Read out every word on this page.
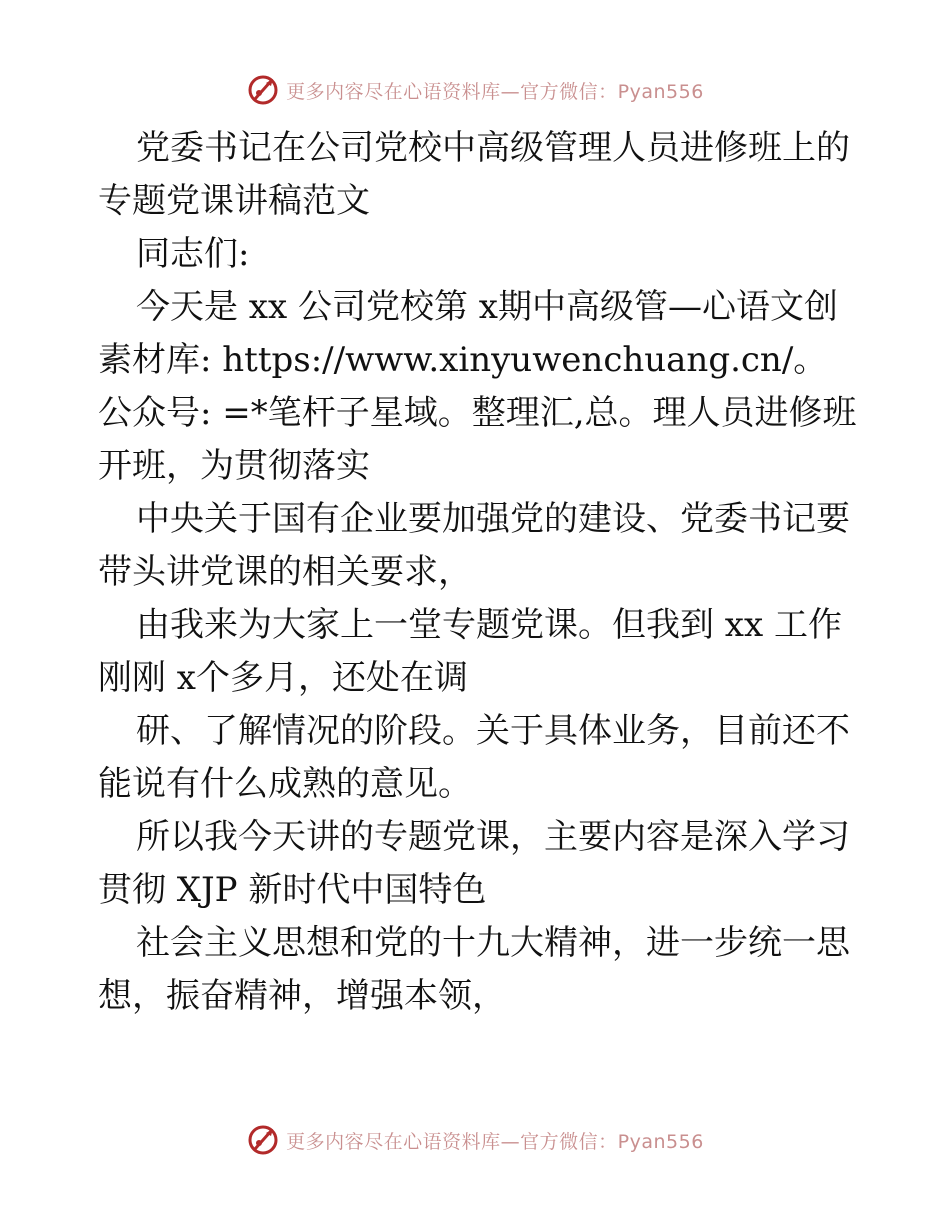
更多内容尽在心语资料库—官方微信：Pyan556

党委书记在公司党校中高级管理人员进修班上的专题党课讲稿范文

同志们:

今天是 xx 公司党校第 x期中高级管—心语文创素材库: https://www.xinyuwenchuang.cn/。公众号: =*笔杆子星域。整理汇,总。理人员进修班开班，为贯彻落实

中央关于国有企业要加强党的建设、党委书记要带头讲党课的相关要求，

由我来为大家上一堂专题党课。但我到 xx 工作刚刚 x个多月，还处在调

研、了解情况的阶段。关于具体业务，目前还不能说有什么成熟的意见。

所以我今天讲的专题党课，主要内容是深入学习贯彻 XJP 新时代中国特色

社会主义思想和党的十九大精神，进一步统一思想，振奋精神，增强本领，

更多内容尽在心语资料库—官方微信：Pyan556
